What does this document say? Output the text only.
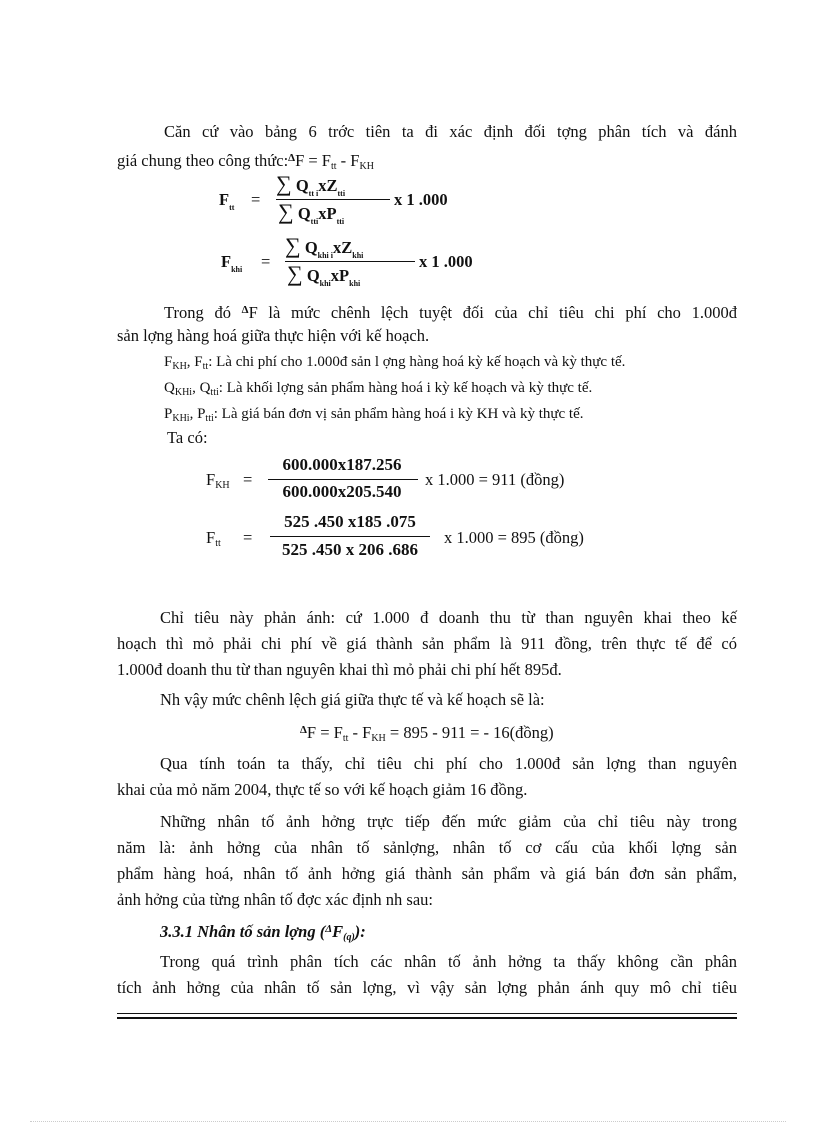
Căn cứ vào bảng 6 trớc tiên ta đi xác định đối tợng phân tích và đánh
giá chung theo công thức:$^\Delta$F = $F_{tt} - F_{KH}$
$F_{tt}$ =
∑ $Q_{tt i}xZ_{tti}$
∑ $Q_{tti}xP_{tti}$
x 1 .000
$F_{khi}$ =
∑ $Q_{khi i}xZ_{khi}$
∑ $Q_{khi}xP_{khi}$
x 1 .000
Trong đó $^\Delta$F là mức chênh lệch tuyệt đối của chỉ tiêu chi phí cho 1.000đ
sản lợng hàng hoá giữa thực hiện với kế hoạch.
$F_{KH}$, $F_{tt}$: Là chi phí cho 1.000đ sản l ợng hàng hoá kỳ kế hoạch và kỳ thực tế.
$Q_{KHi}$, $Q_{tti}$: Là khối lợng sản phẩm hàng hoá i kỳ kế hoạch và kỳ thực tế.
$P_{KHi}$, $P_{tti}$: Là giá bán đơn vị sản phẩm hàng hoá i kỳ KH và kỳ thực tế.
Ta có:
$F_{KH}$ =
600.000x187.256
600.000x205.540
x 1.000 = 911 (đồng)
$F_{tt}$ =
525 .450 x185 .075
525 .450 x 206 .686
x 1.000 = 895 (đồng)
Chỉ tiêu này phản ánh: cứ 1.000 đ doanh thu từ than nguyên khai theo kế
hoạch thì mỏ phải chi phí về giá thành sản phẩm là 911 đồng, trên thực tế để có
1.000đ doanh thu từ than nguyên khai thì mỏ phải chi phí hết 895đ.
Nh vậy mức chênh lệch giá giữa thực tế và kế hoạch sẽ là:
$^\Delta F = F_{tt} - F_{KH} = 895 - 911$ = - 16(đồng)
Qua tính toán ta thấy, chỉ tiêu chi phí cho 1.000đ sản lợng than nguyên
khai của mỏ năm 2004, thực tế so với kế hoạch giảm 16 đồng.
Những nhân tố ảnh hởng trực tiếp đến mức giảm của chỉ tiêu này trong
năm là: ảnh hởng của nhân tố sảnlợng, nhân tố cơ cấu của khối lợng sản
phẩm hàng hoá, nhân tố ảnh hởng giá thành sản phẩm và giá bán đơn sản phẩm,
ảnh hởng của từng nhân tố đợc xác định nh sau:
3.3.1 Nhân tố sản lợng $(^\Delta F_{(q)})$:
Trong quá trình phân tích các nhân tố ảnh hởng ta thấy không cần phân
tích ảnh hởng của nhân tố sản lợng, vì vậy sản lợng phản ánh quy mô chỉ tiêu
